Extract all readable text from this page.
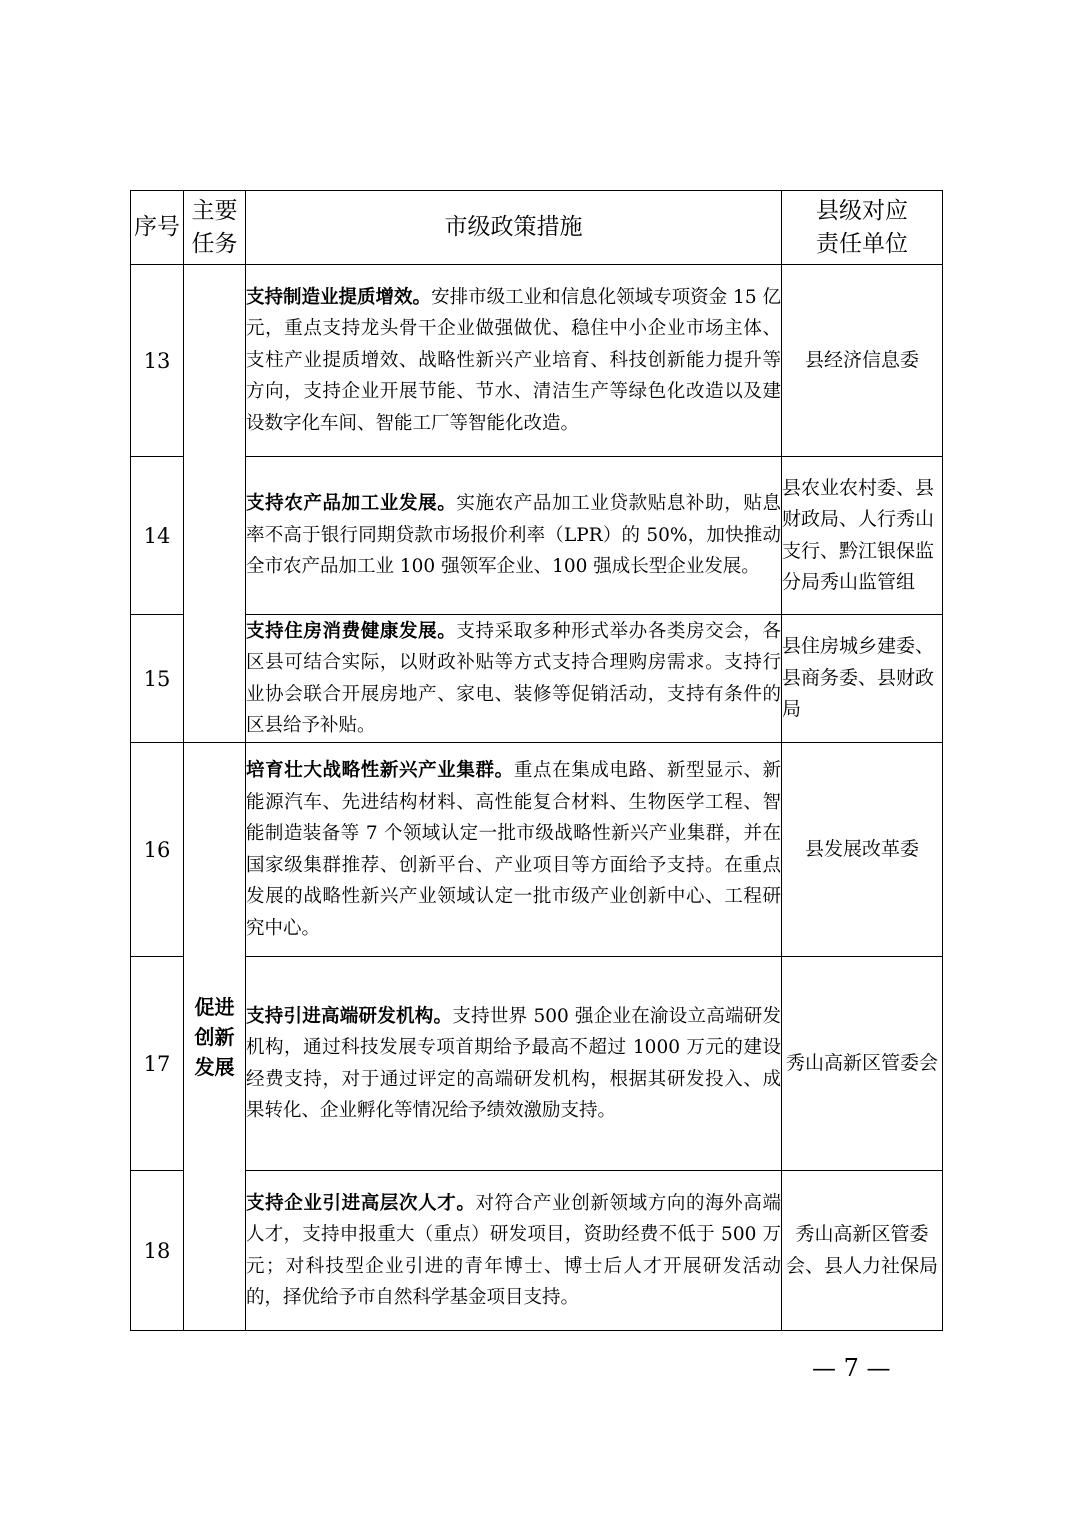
序号	主要任务	市级政策措施	县级对应责任单位
13		支持制造业提质增效。安排市级工业和信息化领域专项资金 15 亿元，重点支持龙头骨干企业做强做优、稳住中小企业市场主体、支柱产业提质增效、战略性新兴产业培育、科技创新能力提升等方向，支持企业开展节能、节水、清洁生产等绿色化改造以及建设数字化车间、智能工厂等智能化改造。	县经济信息委
14		支持农产品加工业发展。实施农产品加工业贷款贴息补助，贴息率不高于银行同期贷款市场报价利率（LPR）的 50%，加快推动全市农产品加工业 100 强领军企业、100 强成长型企业发展。	县农业农村委、县财政局、人行秀山支行、黔江银保监分局秀山监管组
15		支持住房消费健康发展。支持采取多种形式举办各类房交会，各区县可结合实际，以财政补贴等方式支持合理购房需求。支持行业协会联合开展房地产、家电、装修等促销活动，支持有条件的区县给予补贴。	县住房城乡建委、县商务委、县财政局
16	促进创新发展	培育壮大战略性新兴产业集群。重点在集成电路、新型显示、新能源汽车、先进结构材料、高性能复合材料、生物医学工程、智能制造装备等 7 个领域认定一批市级战略性新兴产业集群，并在国家级集群推荐、创新平台、产业项目等方面给予支持。在重点发展的战略性新兴产业领域认定一批市级产业创新中心、工程研究中心。	县发展改革委
17		支持引进高端研发机构。支持世界 500 强企业在渝设立高端研发机构，通过科技发展专项首期给予最高不超过 1000 万元的建设经费支持，对于通过评定的高端研发机构，根据其研发投入、成果转化、企业孵化等情况给予绩效激励支持。	秀山高新区管委会
18		支持企业引进高层次人才。对符合产业创新领域方向的海外高端人才，支持申报重大（重点）研发项目，资助经费不低于 500 万元；对科技型企业引进的青年博士、博士后人才开展研发活动的，择优给予市自然科学基金项目支持。	秀山高新区管委会、县人力社保局
— 7 —
